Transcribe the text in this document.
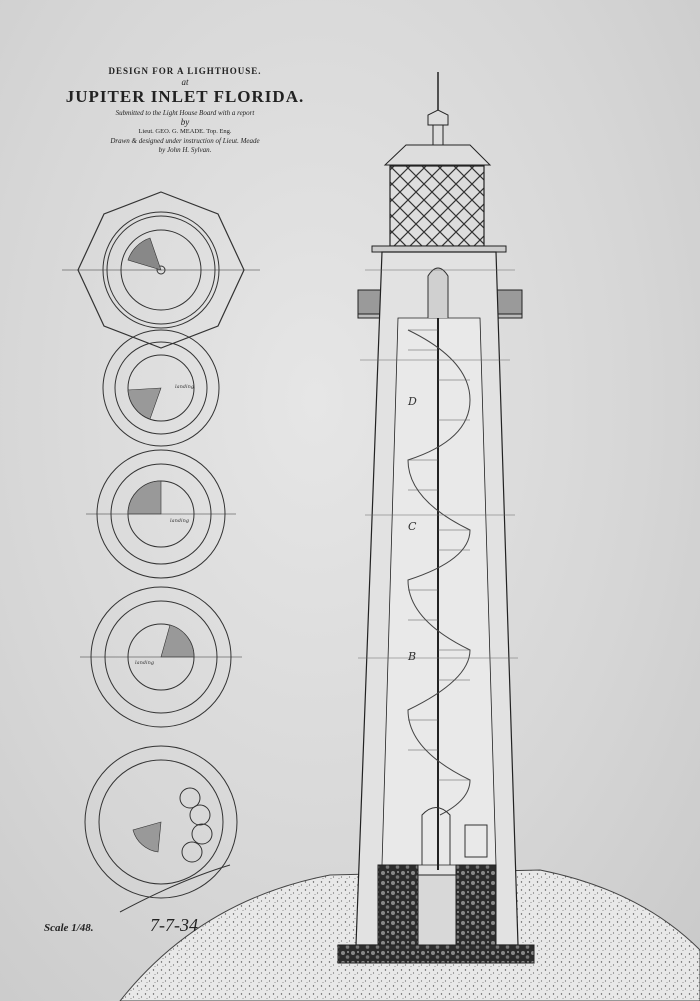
DESIGN FOR A LIGHTHOUSE.
at
JUPITER INLET FLORIDA.
Submitted to the Light House Board with a report
by
Lieut. GEO. G. MEADE. Top. Eng.
Drawn & designed under instruction of Lieut. Meade
by John H. Sylvan.
landing
landing
landing
D
C
B
Scale 1/48.	7-7-34
